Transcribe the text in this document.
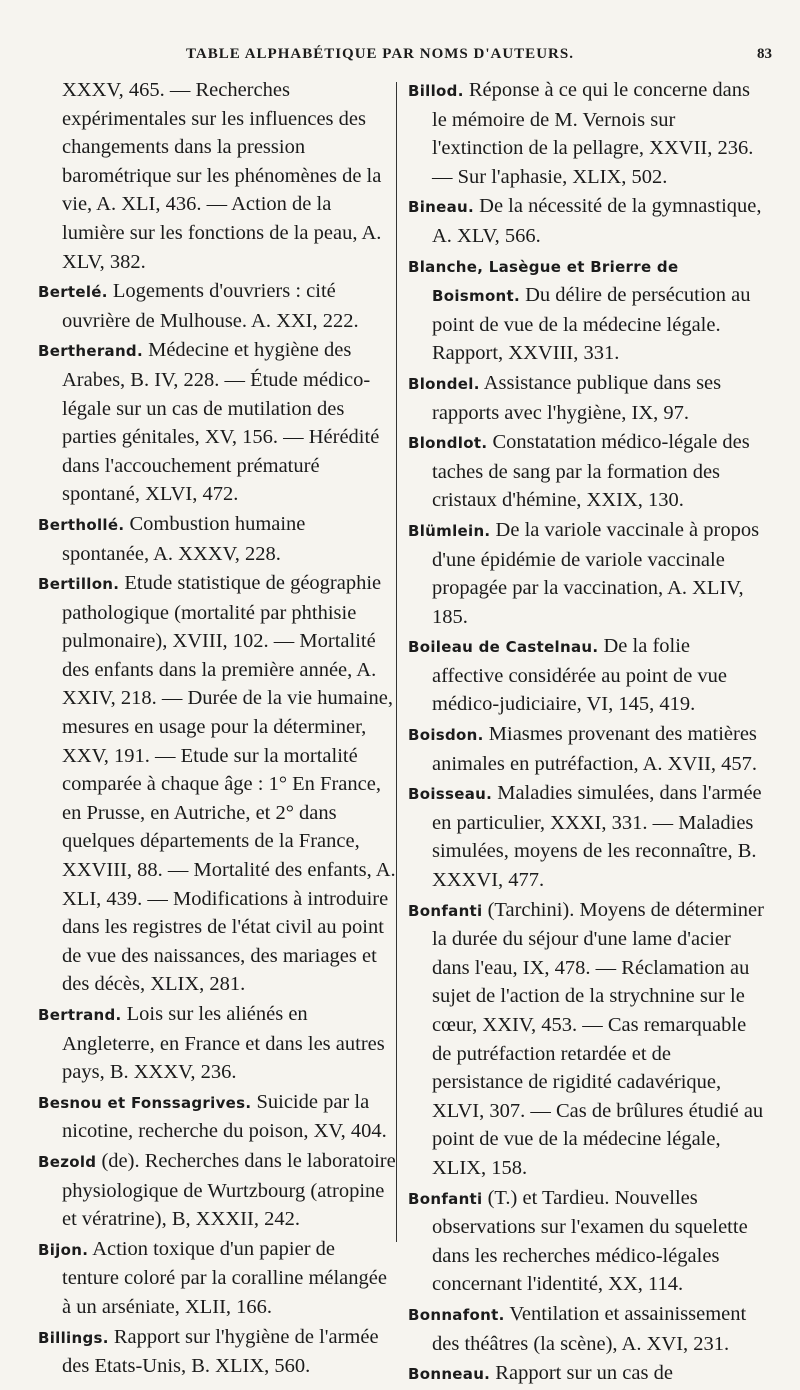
TABLE ALPHABÉTIQUE PAR NOMS D'AUTEURS.	83
XXXV, 465. — Recherches expérimentales sur les influences des changements dans la pression barométrique sur les phénomènes de la vie, A. XLI, 436. — Action de la lumière sur les fonctions de la peau, A. XLV, 382.
Bertelé. Logements d'ouvriers : cité ouvrière de Mulhouse. A. XXI, 222.
Bertherand. Médecine et hygiène des Arabes, B. IV, 228. — Étude médico-légale sur un cas de mutilation des parties génitales, XV, 156. — Hérédité dans l'accouchement prématuré spontané, XLVI, 472.
Berthollé. Combustion humaine spontanée, A. XXXV, 228.
Bertillon. Etude statistique de géographie pathologique (mortalité par phthisie pulmonaire), XVIII, 102. — Mortalité des enfants dans la première année, A. XXIV, 218. — Durée de la vie humaine, mesures en usage pour la déterminer, XXV, 191. — Etude sur la mortalité comparée à chaque âge : 1° En France, en Prusse, en Autriche, et 2° dans quelques départements de la France, XXVIII, 88. — Mortalité des enfants, A. XLI, 439. — Modifications à introduire dans les registres de l'état civil au point de vue des naissances, des mariages et des décès, XLIX, 281.
Bertrand. Lois sur les aliénés en Angleterre, en France et dans les autres pays, B. XXXV, 236.
Besnou et Fonssagrives. Suicide par la nicotine, recherche du poison, XV, 404.
Bezold (de). Recherches dans le laboratoire physiologique de Wurtzbourg (atropine et vératrine), B, XXXII, 242.
Bijon. Action toxique d'un papier de tenture coloré par la coralline mélangée à un arséniate, XLII, 166.
Billings. Rapport sur l'hygiène de l'armée des Etats-Unis, B. XLIX, 560.
Billod. Réponse à ce qui le concerne dans le mémoire de M. Vernois sur l'extinction de la pellagre, XXVII, 236. — Sur l'aphasie, XLIX, 502.
Bineau. De la nécessité de la gymnastique, A. XLV, 566.
Blanche, Lasègue et Brierre de Boismont. Du délire de persécution au point de vue de la médecine légale. Rapport, XXVIII, 331.
Blondel. Assistance publique dans ses rapports avec l'hygiène, IX, 97.
Blondlot. Constatation médico-légale des taches de sang par la formation des cristaux d'hémine, XXIX, 130.
Blümlein. De la variole vaccinale à propos d'une épidémie de variole vaccinale propagée par la vaccination, A. XLIV, 185.
Boileau de Castelnau. De la folie affective considérée au point de vue médico-judiciaire, VI, 145, 419.
Boisdon. Miasmes provenant des matières animales en putréfaction, A. XVII, 457.
Boisseau. Maladies simulées, dans l'armée en particulier, XXXI, 331. — Maladies simulées, moyens de les reconnaître, B. XXXVI, 477.
Bonfanti (Tarchini). Moyens de déterminer la durée du séjour d'une lame d'acier dans l'eau, IX, 478. — Réclamation au sujet de l'action de la strychnine sur le cœur, XXIV, 453. — Cas remarquable de putréfaction retardée et de persistance de rigidité cadavérique, XLVI, 307. — Cas de brûlures étudié au point de vue de la médecine légale, XLIX, 158.
Bonfanti (T.) et Tardieu. Nouvelles observations sur l'examen du squelette dans les recherches médico-légales concernant l'identité, XX, 114.
Bonnafont. Ventilation et assainissement des théâtres (la scène), A. XVI, 231.
Bonneau. Rapport sur un cas de
